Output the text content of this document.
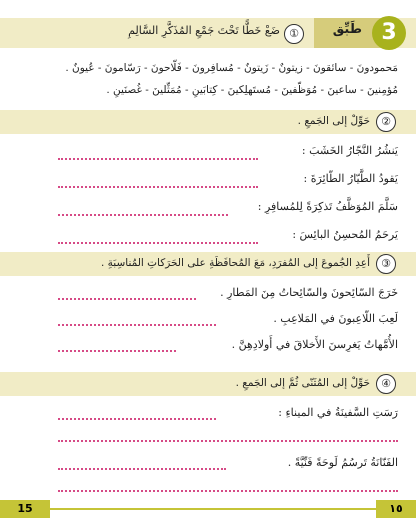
①	3
طَبِّق
ضَعْ خَطًّا تَحْتَ جَمْعِ المُذَكَّرِ السَّالِمِ
مَحمودونَ - سائقونَ - زيتونٌ - زَيتونٌ - مُسافِرونَ - فَلّاحونَ - رَسّامونَ - عُيونٌ .
مُؤمِنينَ - ساعينَ - مُوَظّفينَ - مُستَهلِكينَ - كِتابَينِ - مُمَثِّلينَ - غُصنَينِ .
②
حَوِّلْ إلى الجَمعِ .
يَنشُرُ النَّجّارُ الخَشَبَ :
يَقودُ الطَّيّارُ الطّائِرَةَ :
سَلَّمَ المُوَظَّفُ تَذكِرَةً لِلمُسافِرِ :
يَرحَمُ المُحسِنُ البائِسَ :
③
أَعِدِ الجُموعَ إلى المُفرَدِ، مَعَ المُحافَظَةِ على الحَرَكاتِ المُناسِبَةِ .
خَرَجَ السّائِحونَ والسّائِحاتُ مِنَ المَطارِ .
لَعِبَ اللّاعِبونَ في المَلاعِبِ .
الأُمَّهاتُ يَغرِسنَ الأَخلاقَ في أَولادِهِنَّ .
④
حَوِّلْ إلى المُثَنّى ثُمَّ إلى الجَمعِ .
رَسَتِ السَّفينَةُ في الميناءِ :
الفَنّانَةُ تَرسُمُ لَوحَةً فَنِّيَّةً .
15	١٥
